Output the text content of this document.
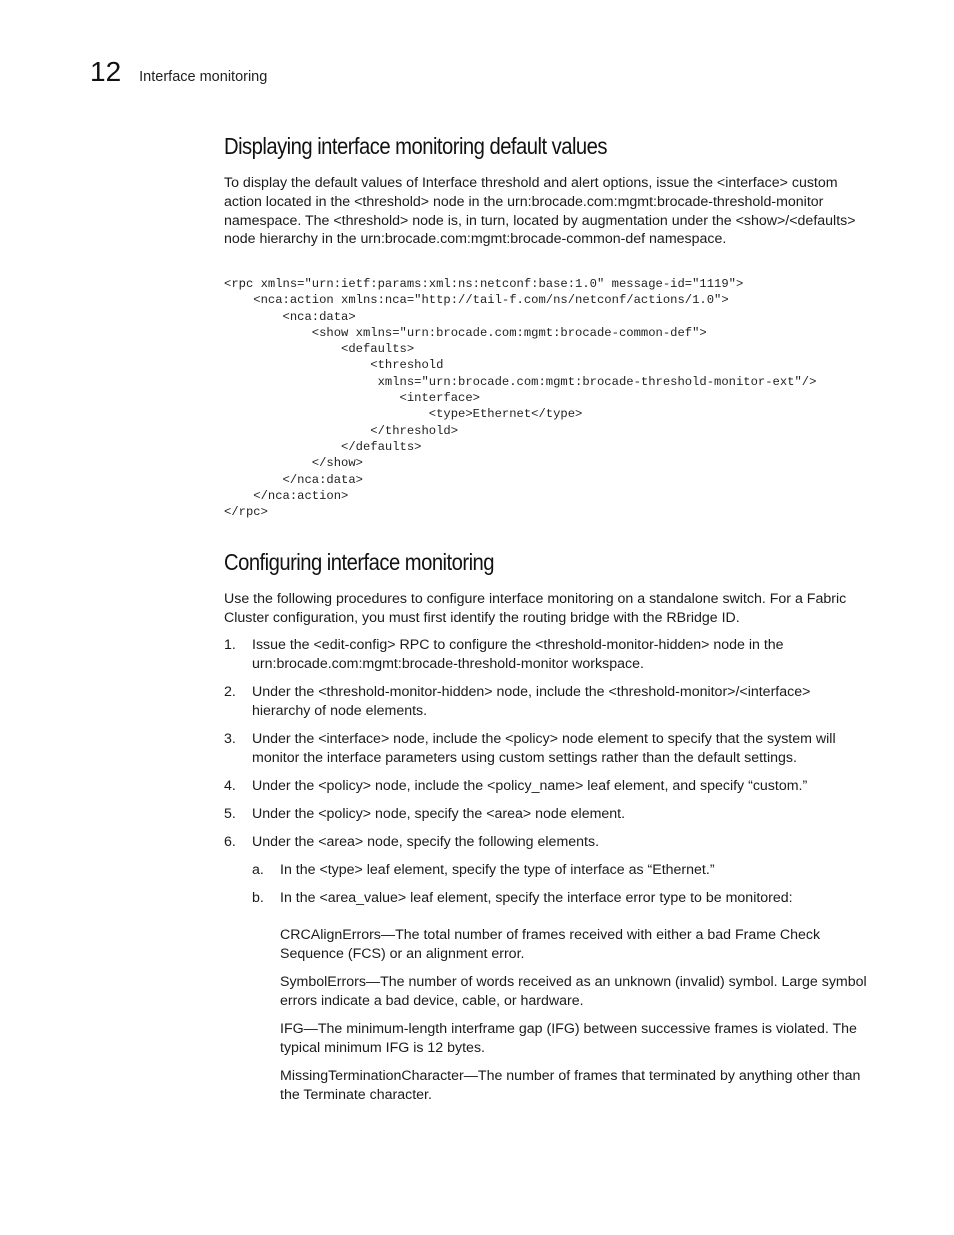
12 Interface monitoring
Displaying interface monitoring default values

To display the default values of Interface threshold and alert options, issue the <interface> custom action located in the <threshold> node in the urn:brocade.com:mgmt:brocade-threshold-monitor namespace. The <threshold> node is, in turn, located by augmentation under the <show>/<defaults> node hierarchy in the urn:brocade.com:mgmt:brocade-common-def namespace.

<rpc xmlns="urn:ietf:params:xml:ns:netconf:base:1.0" message-id="1119">
<nca:action xmlns:nca="http://tail-f.com/ns/netconf/actions/1.0">
<nca:data>
<show xmlns="urn:brocade.com:mgmt:brocade-common-def">
<defaults>
<threshold
xmlns="urn:brocade.com:mgmt:brocade-threshold-monitor-ext"/>
<interface>
<type>Ethernet</type>
</threshold>
</defaults>
</show>
</nca:data>
</nca:action>
</rpc>
Configuring interface monitoring

Use the following procedures to configure interface monitoring on a standalone switch. For a Fabric Cluster configuration, you must first identify the routing bridge with the RBridge ID.

1. Issue the <edit-config> RPC to configure the <threshold-monitor-hidden> node in the urn:brocade.com:mgmt:brocade-threshold-monitor workspace.
2. Under the <threshold-monitor-hidden> node, include the <threshold-monitor>/<interface> hierarchy of node elements.
3. Under the <interface> node, include the <policy> node element to specify that the system will monitor the interface parameters using custom settings rather than the default settings.
4. Under the <policy> node, include the <policy_name> leaf element, and specify “custom.”
5. Under the <policy> node, specify the <area> node element.
6. Under the <area> node, specify the following elements.
a. In the <type> leaf element, specify the type of interface as “Ethernet.”
b. In the <area_value> leaf element, specify the interface error type to be monitored:
CRCAlignErrors—The total number of frames received with either a bad Frame Check Sequence (FCS) or an alignment error.
SymbolErrors—The number of words received as an unknown (invalid) symbol. Large symbol errors indicate a bad device, cable, or hardware.
IFG—The minimum-length interframe gap (IFG) between successive frames is violated. The typical minimum IFG is 12 bytes.
MissingTerminationCharacter—The number of frames that terminated by anything other than the Terminate character.
